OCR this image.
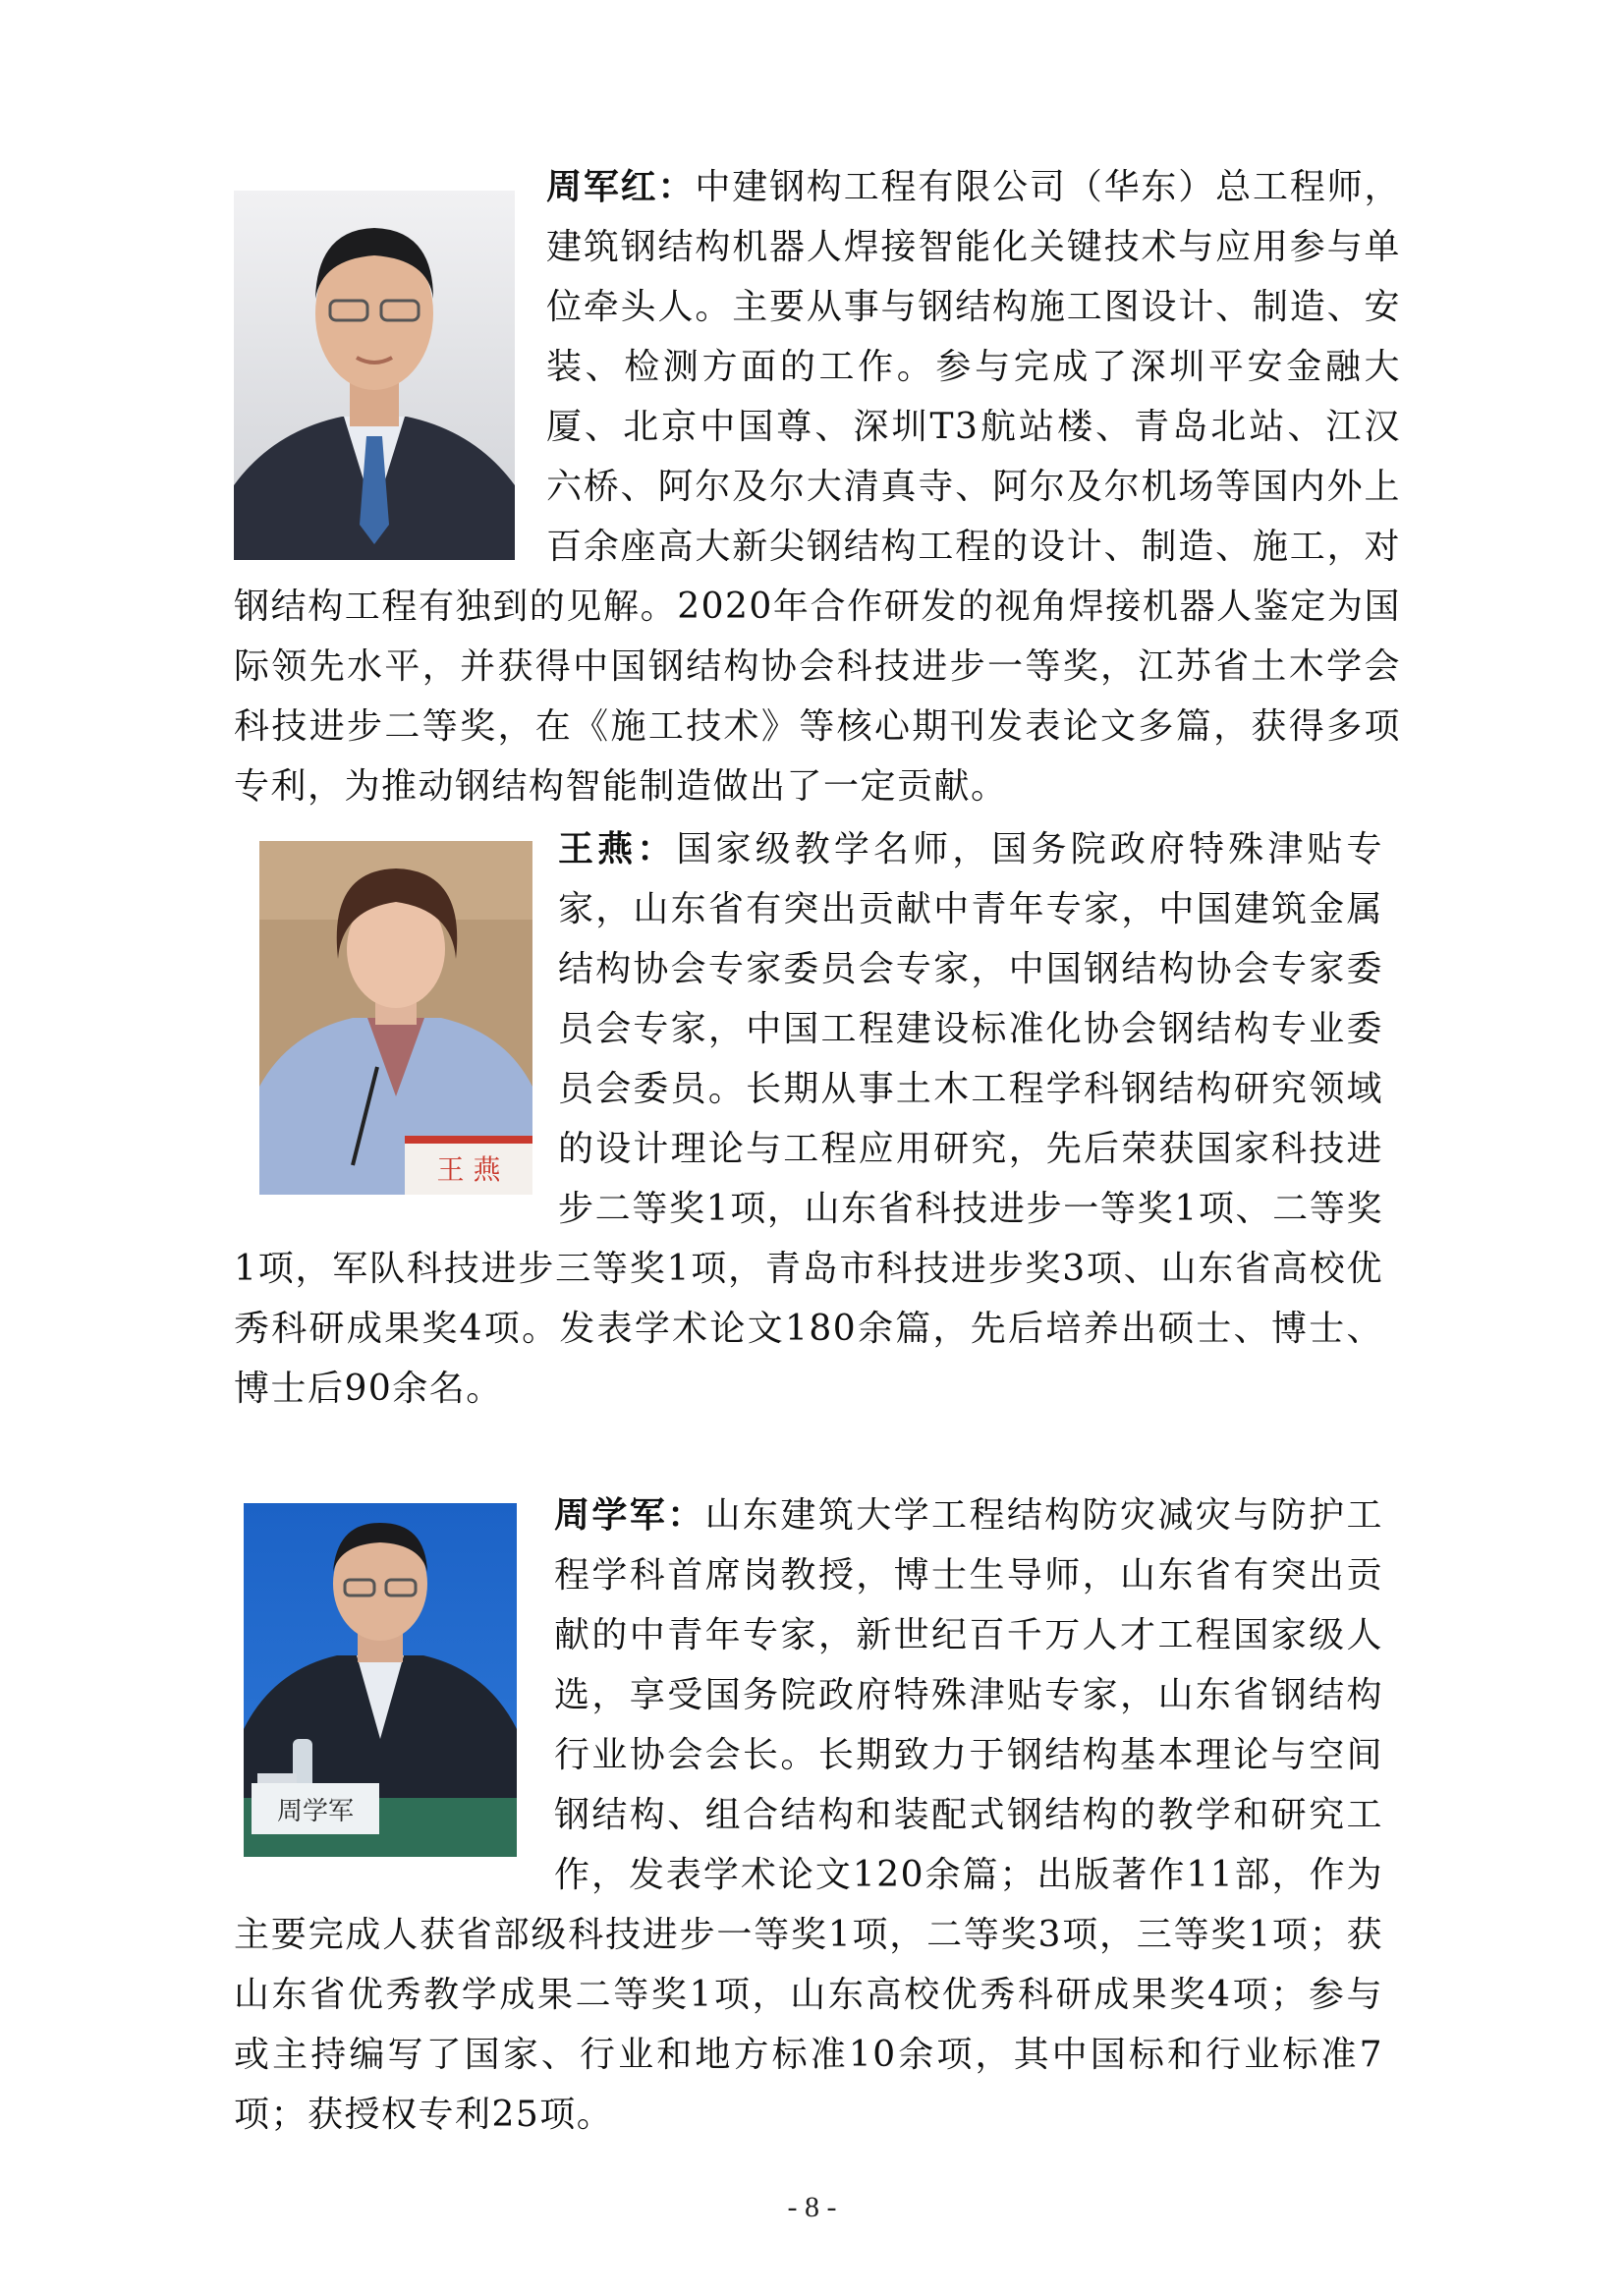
周军红：中建钢构工程有限公司（华东）总工程师，建筑钢结构机器人焊接智能化关键技术与应用参与单位牵头人。主要从事与钢结构施工图设计、制造、安装、检测方面的工作。参与完成了深圳平安金融大厦、北京中国尊、深圳T3航站楼、青岛北站、江汉六桥、阿尔及尔大清真寺、阿尔及尔机场等国内外上百余座高大新尖钢结构工程的设计、制造、施工，对钢结构工程有独到的见解。2020年合作研发的视角焊接机器人鉴定为国际领先水平，并获得中国钢结构协会科技进步一等奖，江苏省土木学会科技进步二等奖，在《施工技术》等核心期刊发表论文多篇，获得多项专利，为推动钢结构智能制造做出了一定贡献。

王 燕

王燕：国家级教学名师，国务院政府特殊津贴专家，山东省有突出贡献中青年专家，中国建筑金属结构协会专家委员会专家，中国钢结构协会专家委员会专家，中国工程建设标准化协会钢结构专业委员会委员。长期从事土木工程学科钢结构研究领域的设计理论与工程应用研究，先后荣获国家科技进步二等奖1项，山东省科技进步一等奖1项、二等奖1项，军队科技进步三等奖1项，青岛市科技进步奖3项、山东省高校优秀科研成果奖4项。发表学术论文180余篇，先后培养出硕士、博士、博士后90余名。

周学军

周学军：山东建筑大学工程结构防灾减灾与防护工程学科首席岗教授，博士生导师，山东省有突出贡献的中青年专家，新世纪百千万人才工程国家级人选，享受国务院政府特殊津贴专家，山东省钢结构行业协会会长。长期致力于钢结构基本理论与空间钢结构、组合结构和装配式钢结构的教学和研究工作，发表学术论文120余篇；出版著作11部，作为主要完成人获省部级科技进步一等奖1项，二等奖3项，三等奖1项；获山东省优秀教学成果二等奖1项，山东高校优秀科研成果奖4项；参与或主持编写了国家、行业和地方标准10余项，其中国标和行业标准7项；获授权专利25项。

- 8 -
